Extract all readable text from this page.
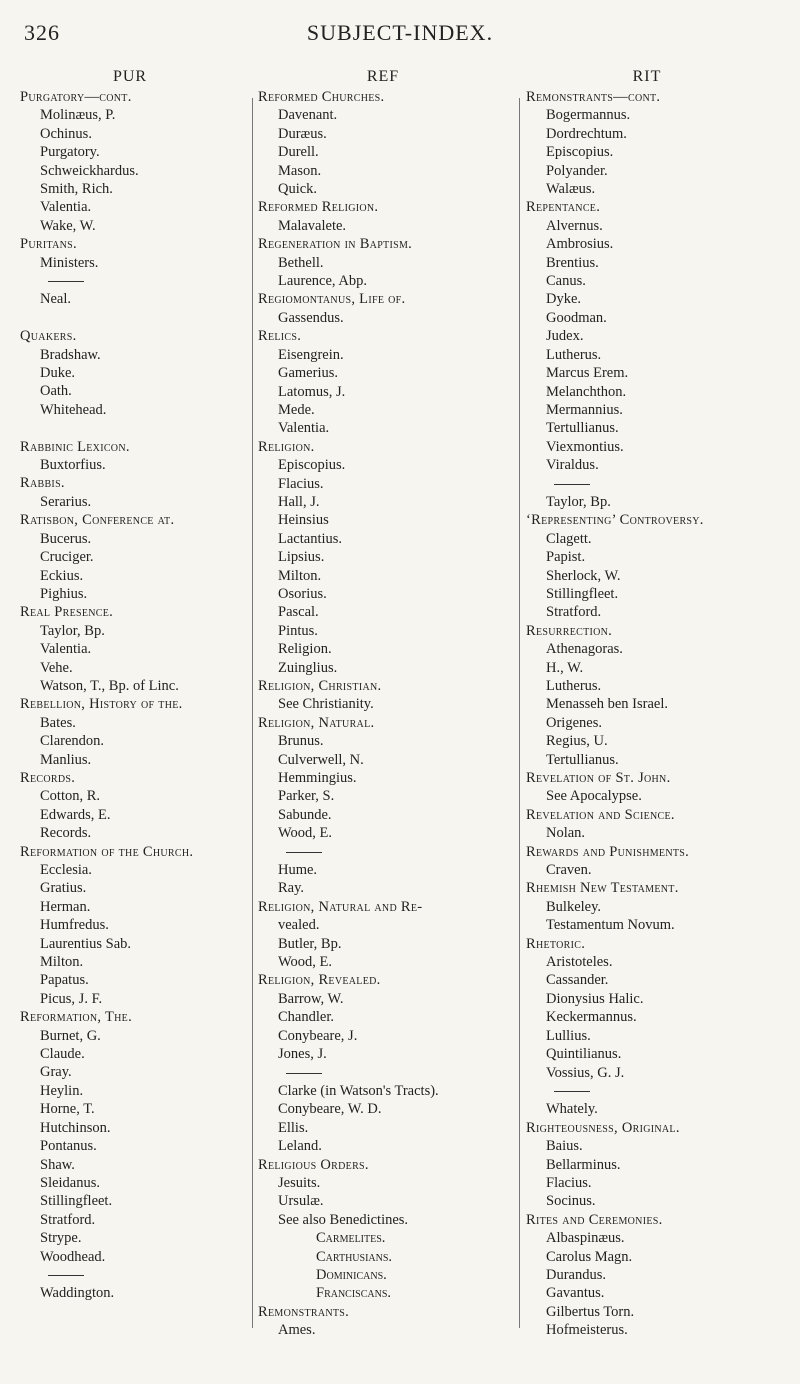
326	SUBJECT-INDEX.
PUR
Purgatory—cont.
Molinæus, P.
Ochinus.
Purgatory.
Schweickhardus.
Smith, Rich.
Valentia.
Wake, W.
Puritans.
Ministers.
Neal.
Quakers.
Bradshaw.
Duke.
Oath.
Whitehead.
Rabbinic Lexicon.
Buxtorfius.
Rabbis.
Serarius.
Ratisbon, Conference at.
Bucerus.
Cruciger.
Eckius.
Pighius.
Real Presence.
Taylor, Bp.
Valentia.
Vehe.
Watson, T., Bp. of Linc.
Rebellion, History of the.
Bates.
Clarendon.
Manlius.
Records.
Cotton, R.
Edwards, E.
Records.
Reformation of the Church.
Ecclesia.
Gratius.
Herman.
Humfredus.
Laurentius Sab.
Milton.
Papatus.
Picus, J. F.
Reformation, The.
Burnet, G.
Claude.
Gray.
Heylin.
Horne, T.
Hutchinson.
Pontanus.
Shaw.
Sleidanus.
Stillingfleet.
Stratford.
Strype.
Woodhead.
Waddington.
REF
Reformed Churches.
Davenant.
Duræus.
Durell.
Mason.
Quick.
Reformed Religion.
Malavalete.
Regeneration in Baptism.
Bethell.
Laurence, Abp.
Regiomontanus, Life of.
Gassendus.
Relics.
Eisengrein.
Gamerius.
Latomus, J.
Mede.
Valentia.
Religion.
Episcopius.
Flacius.
Hall, J.
Heinsius
Lactantius.
Lipsius.
Milton.
Osorius.
Pascal.
Pintus.
Religion.
Zuinglius.
Religion, Christian.
See Christianity.
Religion, Natural.
Brunus.
Culverwell, N.
Hemmingius.
Parker, S.
Sabunde.
Wood, E.
Hume.
Ray.
Religion, Natural and Re-
vealed.
Butler, Bp.
Wood, E.
Religion, Revealed.
Barrow, W.
Chandler.
Conybeare, J.
Jones, J.
Clarke (in Watson's Tracts).
Conybeare, W. D.
Ellis.
Leland.
Religious Orders.
Jesuits.
Ursulæ.
See also Benedictines.
Carmelites.
Carthusians.
Dominicans.
Franciscans.
Remonstrants.
Ames.
RIT
Remonstrants—cont.
Bogermannus.
Dordrechtum.
Episcopius.
Polyander.
Walæus.
Repentance.
Alvernus.
Ambrosius.
Brentius.
Canus.
Dyke.
Goodman.
Judex.
Lutherus.
Marcus Erem.
Melanchthon.
Mermannius.
Tertullianus.
Viexmontius.
Viraldus.
Taylor, Bp.
‘Representing’ Controversy.
Clagett.
Papist.
Sherlock, W.
Stillingfleet.
Stratford.
Resurrection.
Athenagoras.
H., W.
Lutherus.
Menasseh ben Israel.
Origenes.
Regius, U.
Tertullianus.
Revelation of St. John.
See Apocalypse.
Revelation and Science.
Nolan.
Rewards and Punishments.
Craven.
Rhemish New Testament.
Bulkeley.
Testamentum Novum.
Rhetoric.
Aristoteles.
Cassander.
Dionysius Halic.
Keckermannus.
Lullius.
Quintilianus.
Vossius, G. J.
Whately.
Righteousness, Original.
Baius.
Bellarminus.
Flacius.
Socinus.
Rites and Ceremonies.
Albaspinæus.
Carolus Magn.
Durandus.
Gavantus.
Gilbertus Torn.
Hofmeisterus.
